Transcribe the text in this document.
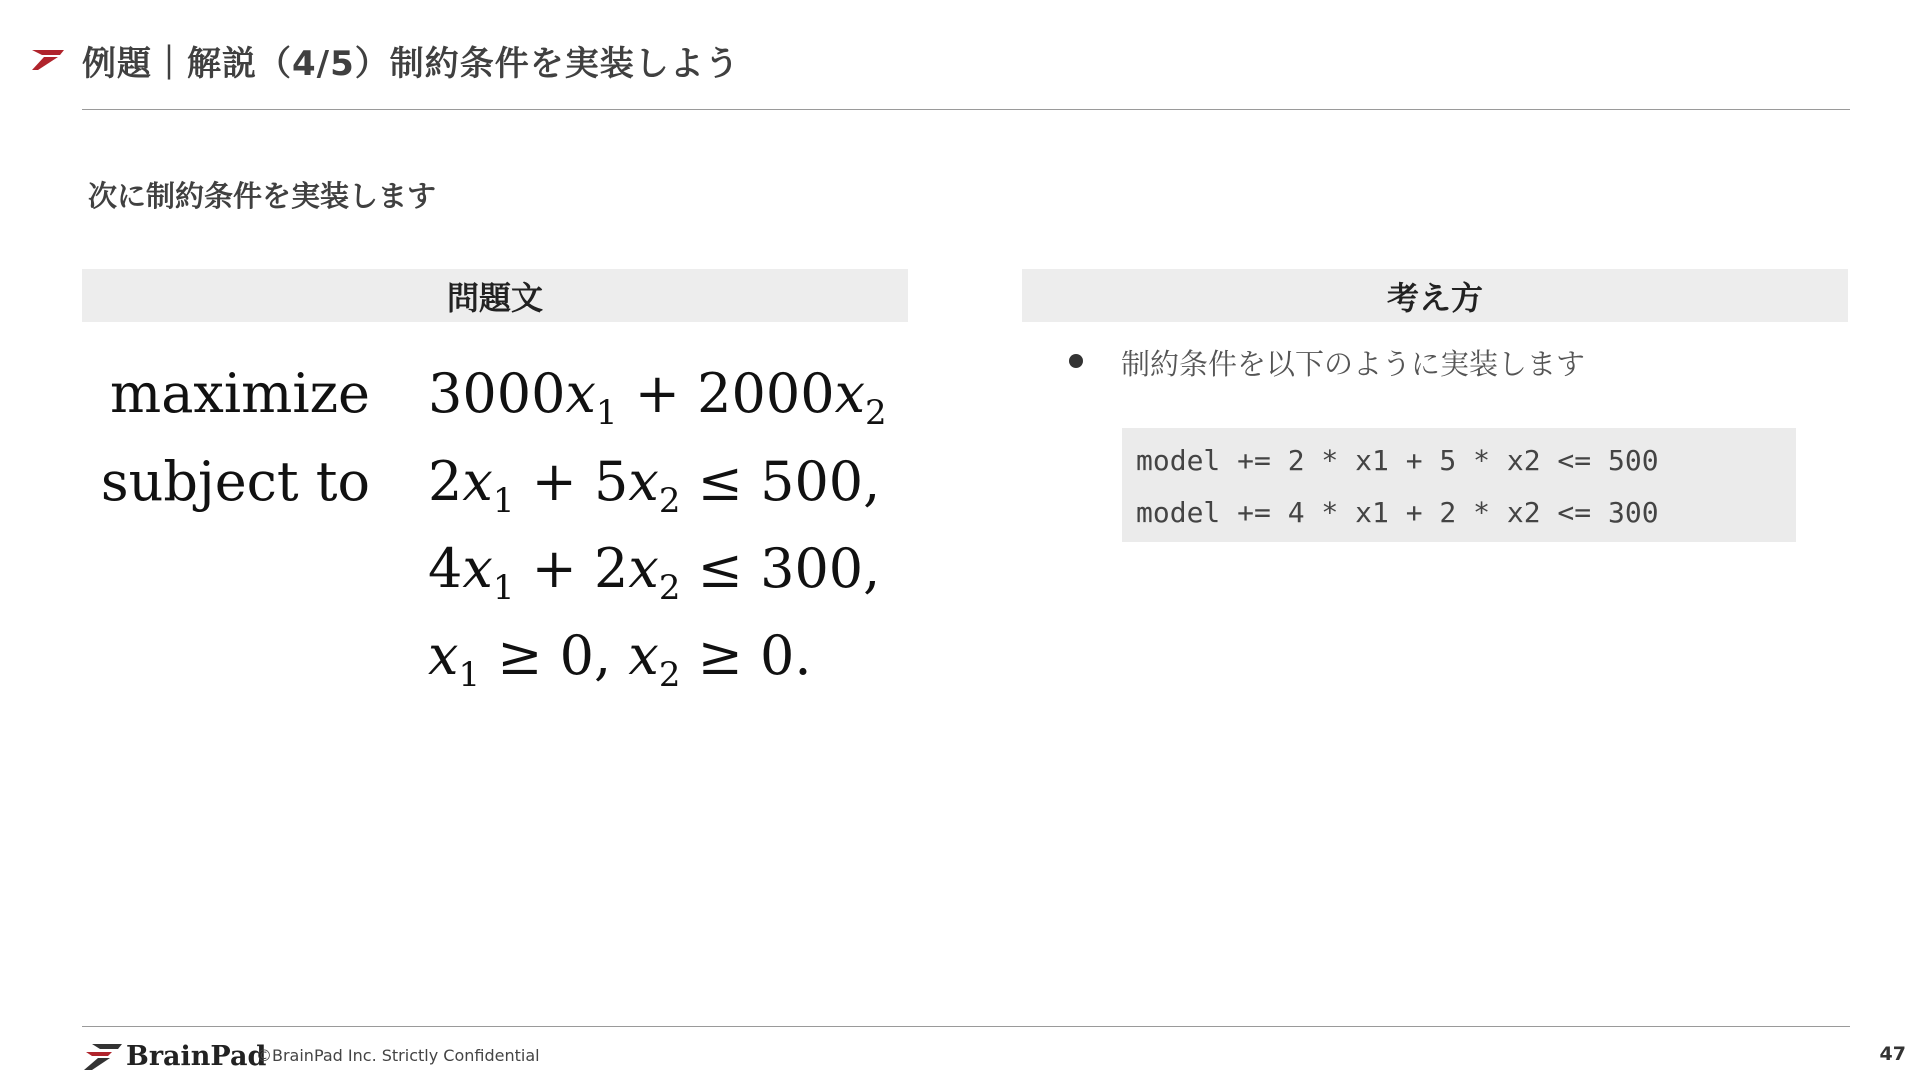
例題｜解説（4/5）制約条件を実装しよう
次に制約条件を実装します
問題文
maximize $3000x_1 + 2000x_2$
subject to $2x_1 + 5x_2 \le 500$,
$4x_1 + 2x_2 \le 300$,
$x_1 \ge 0$, $x_2 \ge 0$.
考え方
制約条件を以下のように実装します
model += 2 * x1 + 5 * x2 <= 500
model += 4 * x1 + 2 * x2 <= 300
BrainPad
©BrainPad Inc. Strictly Confidential	47
